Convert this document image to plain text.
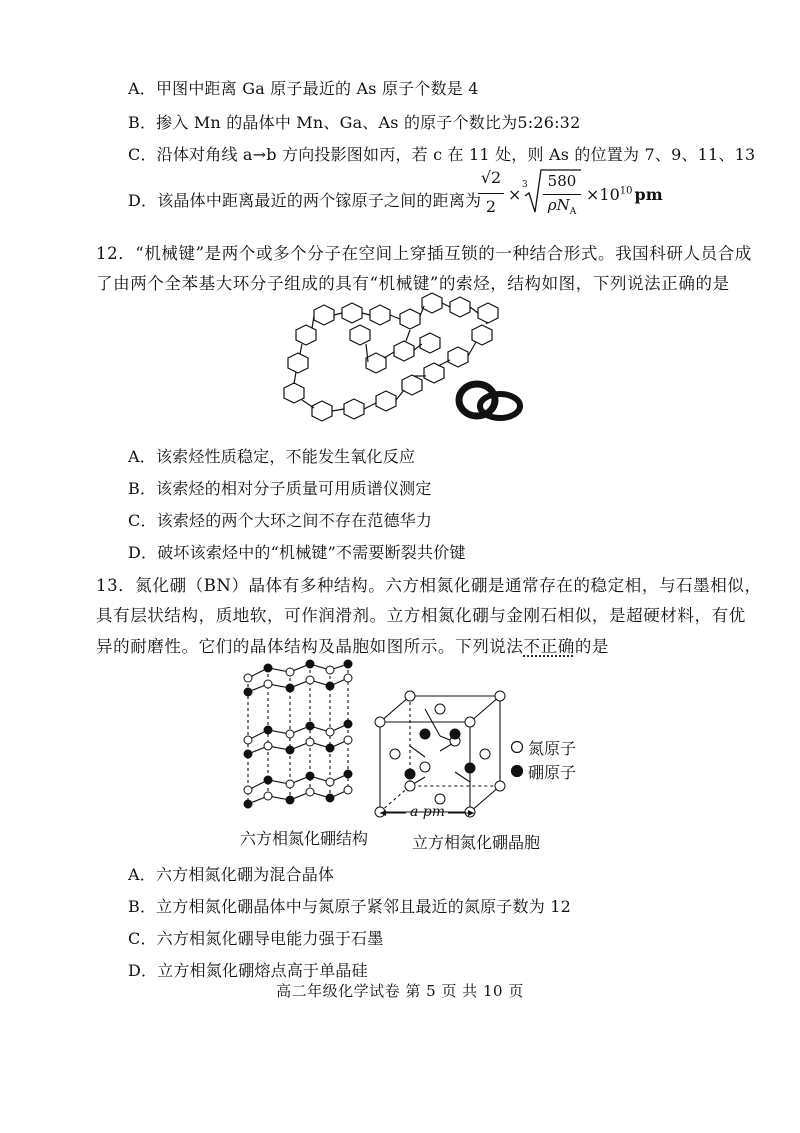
A．甲图中距离 Ga 原子最近的 As 原子个数是 4
B．掺入 Mn 的晶体中 Mn、Ga、As 的原子个数比为5:26:32
C．沿体对角线 a→b 方向投影图如丙，若 c 在 11 处，则 As 的位置为 7、9、11、13
D．该晶体中距离最近的两个镓原子之间的距离为
√2
2
× 3	580
$\rho N_A$
$\times 10^{10}$ pm
12．“机械键”是两个或多个分子在空间上穿插互锁的一种结合形式。我国科研人员合成
了由两个全苯基大环分子组成的具有“机械键”的索烃，结构如图，下列说法正确的是
A．该索烃性质稳定，不能发生氧化反应
B．该索烃的相对分子质量可用质谱仪测定
C．该索烃的两个大环之间不存在范德华力
D．破坏该索烃中的“机械键”不需要断裂共价键
13．氮化硼（BN）晶体有多种结构。六方相氮化硼是通常存在的稳定相，与石墨相似，
具有层状结构，质地软，可作润滑剂。立方相氮化硼与金刚石相似，是超硬材料，有优
异的耐磨性。它们的晶体结构及晶胞如图所示。下列说法不正确的是
六方相氮化硼结构
氮原子
硼原子
a pm
立方相氮化硼晶胞
A．六方相氮化硼为混合晶体
B．立方相氮化硼晶体中与氮原子紧邻且最近的氮原子数为 12
C．六方相氮化硼导电能力强于石墨
D．立方相氮化硼熔点高于单晶硅
高二年级化学试卷 第 5 页 共 10 页
